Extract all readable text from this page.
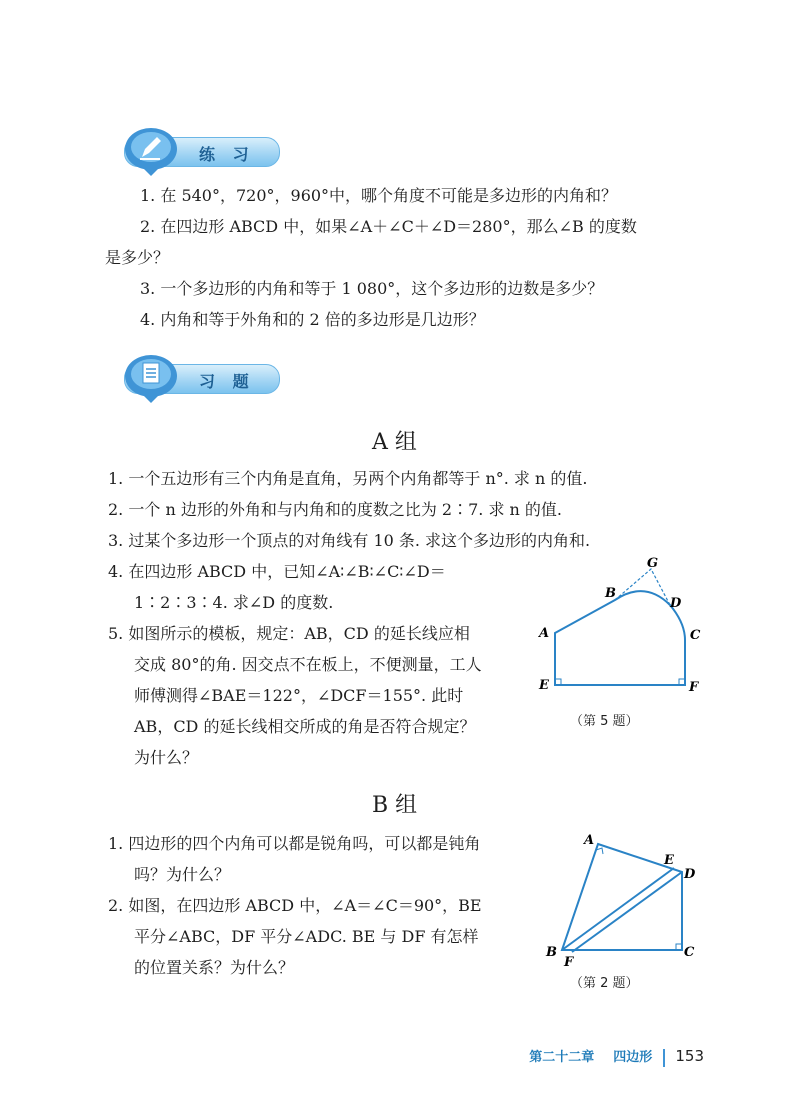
练 习
1. 在 540°，720°，960°中，哪个角度不可能是多边形的内角和？
2. 在四边形 ABCD 中，如果∠A＋∠C＋∠D＝280°，那么∠B 的度数
是多少？
3. 一个多边形的内角和等于 1 080°，这个多边形的边数是多少？
4. 内角和等于外角和的 2 倍的多边形是几边形？
习 题
A 组
1. 一个五边形有三个内角是直角，另两个内角都等于 n°. 求 n 的值.
2. 一个 n 边形的外角和与内角和的度数之比为 2∶7. 求 n 的值.
3. 过某个多边形一个顶点的对角线有 10 条. 求这个多边形的内角和.
4. 在四边形 ABCD 中，已知∠A∶∠B∶∠C∶∠D＝
1∶2∶3∶4. 求∠D 的度数.
5. 如图所示的模板，规定：AB，CD 的延长线应相
交成 80°的角. 因交点不在板上，不便测量，工人
师傅测得∠BAE＝122°，∠DCF＝155°. 此时
AB，CD 的延长线相交所成的角是否符合规定？
为什么？
A
B
G
D
C
E	F
（第 5 题）
B 组
1. 四边形的四个内角可以都是锐角吗，可以都是钝角
吗？为什么？
2. 如图，在四边形 ABCD 中，∠A＝∠C＝90°，BE
平分∠ABC，DF 平分∠ADC. BE 与 DF 有怎样
的位置关系？为什么？
A
E
D
B
F
C
（第 2 题）
第二十二章 四边形 153
